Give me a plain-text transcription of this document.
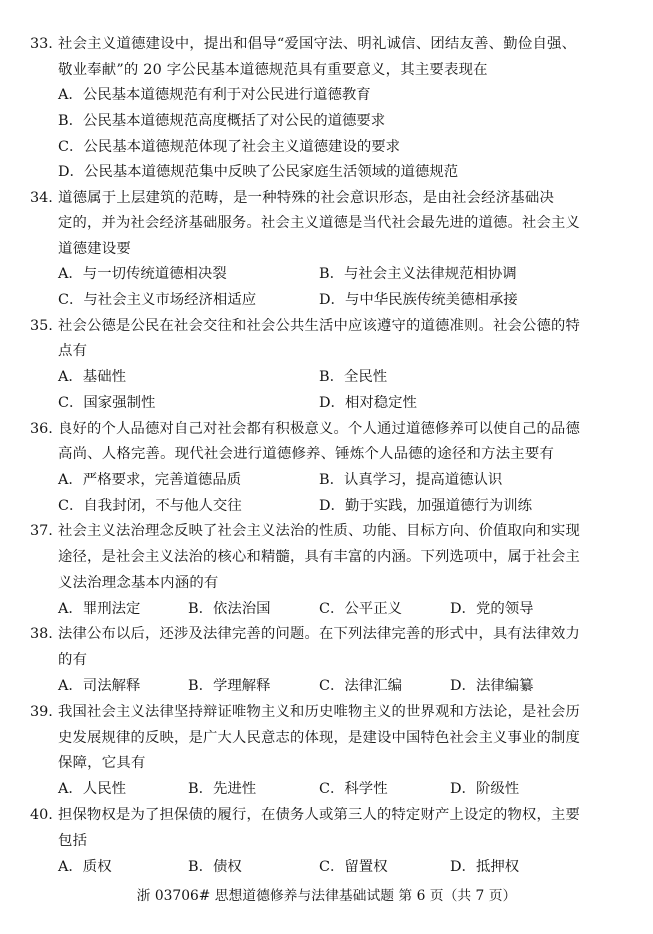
33. 社会主义道德建设中，提出和倡导“爱国守法、明礼诚信、团结友善、勤俭自强、
敬业奉献”的 20 字公民基本道德规范具有重要意义，其主要表现在
A．公民基本道德规范有利于对公民进行道德教育
B．公民基本道德规范高度概括了对公民的道德要求
C．公民基本道德规范体现了社会主义道德建设的要求
D．公民基本道德规范集中反映了公民家庭生活领域的道德规范
34. 道德属于上层建筑的范畴，是一种特殊的社会意识形态，是由社会经济基础决
定的，并为社会经济基础服务。社会主义道德是当代社会最先进的道德。社会主义
道德建设要
A．与一切传统道德相决裂	B．与社会主义法律规范相协调
C．与社会主义市场经济相适应	D．与中华民族传统美德相承接
35. 社会公德是公民在社会交往和社会公共生活中应该遵守的道德准则。社会公德的特
点有
A．基础性	B．全民性
C．国家强制性	D．相对稳定性
36. 良好的个人品德对自己对社会都有积极意义。个人通过道德修养可以使自己的品德
高尚、人格完善。现代社会进行道德修养、锤炼个人品德的途径和方法主要有
A．严格要求，完善道德品质	B．认真学习，提高道德认识
C．自我封闭，不与他人交往	D．勤于实践，加强道德行为训练
37. 社会主义法治理念反映了社会主义法治的性质、功能、目标方向、价值取向和实现
途径，是社会主义法治的核心和精髓，具有丰富的内涵。下列选项中，属于社会主
义法治理念基本内涵的有
A．罪刑法定	B．依法治国	C．公平正义	D．党的领导
38. 法律公布以后，还涉及法律完善的问题。在下列法律完善的形式中，具有法律效力
的有
A．司法解释	B．学理解释	C．法律汇编	D．法律编纂
39. 我国社会主义法律坚持辩证唯物主义和历史唯物主义的世界观和方法论，是社会历
史发展规律的反映，是广大人民意志的体现，是建设中国特色社会主义事业的制度
保障，它具有
A．人民性	B．先进性	C．科学性	D．阶级性
40. 担保物权是为了担保债的履行，在债务人或第三人的特定财产上设定的物权，主要
包括
A．质权	B．债权	C．留置权	D．抵押权
浙 03706# 思想道德修养与法律基础试题 第 6 页（共 7 页）
